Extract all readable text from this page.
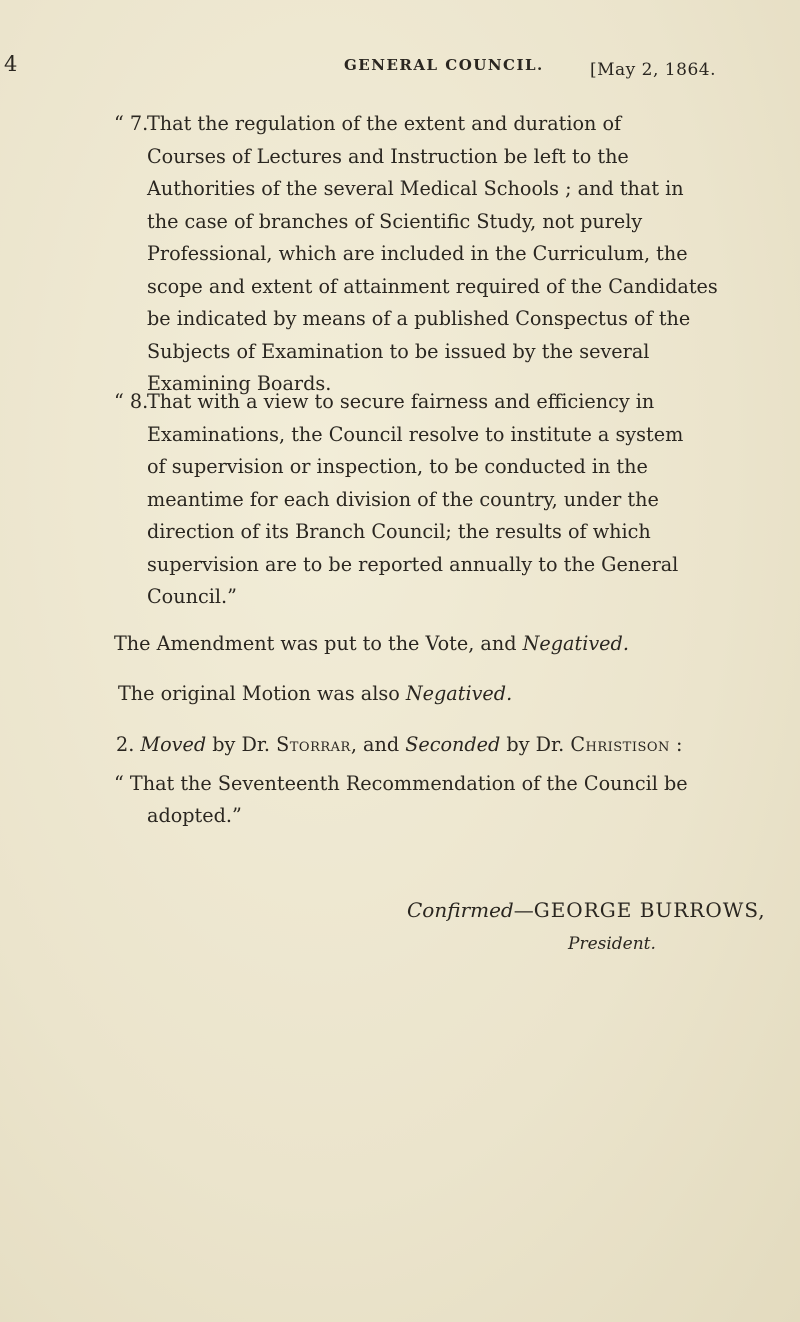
4	GENERAL COUNCIL.	[May 2, 1864.
“ 7.
That the regulation of the extent and duration of
Courses of Lectures and Instruction be left to the
Authorities of the several Medical Schools ; and that in
the case of branches of Scientific Study, not purely
Professional, which are included in the Curriculum, the
scope and extent of attainment required of the Candidates
be indicated by means of a published Conspectus of the
Subjects of Examination to be issued by the several
Examining Boards.
“ 8.
That with a view to secure fairness and efficiency in
Examinations, the Council resolve to institute a system
of supervision or inspection, to be conducted in the
meantime for each division of the country, under the
direction of its Branch Council; the results of which
supervision are to be reported annually to the General
Council.”
The Amendment was put to the Vote, and Negatived.
The original Motion was also Negatived.
2. Moved by Dr. Storrar, and Seconded by Dr. Christison :
“ That the Seventeenth Recommendation of the Council be
adopted.”
Confirmed—GEORGE BURROWS,
President.
